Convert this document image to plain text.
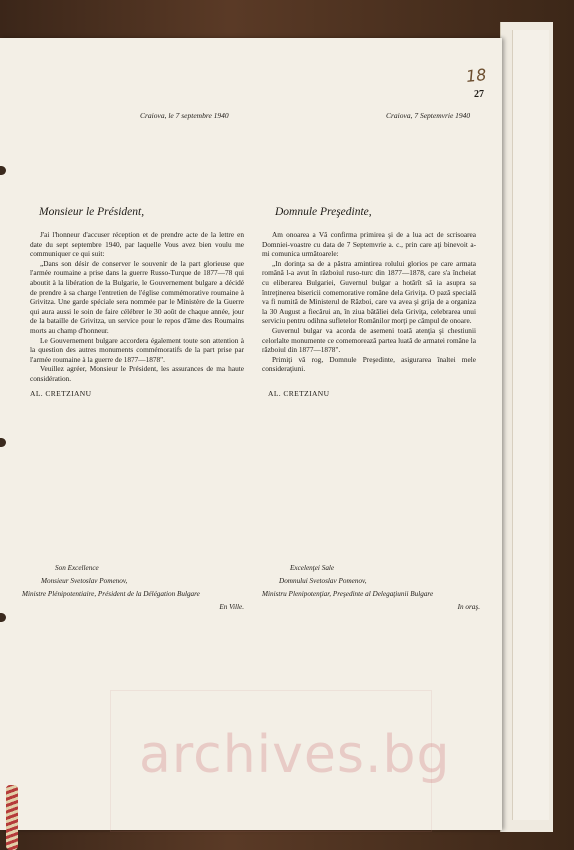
18
27
Craiova, le 7 septembre 1940	Craiova, 7 Septemvrie 1940
Monsieur le Président,	Domnule Preşedinte,

J'ai l'honneur d'accuser réception et de prendre acte de la lettre en date du sept septembre 1940, par laquelle Vous avez bien voulu me communiquer ce qui suit:

„Dans son désir de conserver le souvenir de la part glorieuse que l'armée roumaine a prise dans la guerre Russo-Turque de 1877—78 qui aboutit à la libération de la Bulgarie, le Gouvernement bulgare a décidé de prendre à sa charge l'entretien de l'église commémorative roumaine à Grivitza. Une garde spéciale sera nommée par le Ministère de la Guerre qui aura aussi le soin de faire célébrer le 30 août de chaque année, jour de la bataille de Grivitza, un service pour le repos d'âme des Roumains morts au champ d'honneur.

Le Gouvernement bulgare accordera également toute son attention à la question des autres monuments commémoratifs de la part prise par l'armée roumaine à la guerre de 1877—1878".

Veuillez agréer, Monsieur le Président, les assurances de ma haute considération.

Am onoarea a Vă confirma primirea şi de a lua act de scrisoarea Domniei-voastre cu data de 7 Septemvrie a. c., prin care aţi binevoit a-mi comunica următoarele:

„In dorinţa sa de a păstra amintirea rolului glorios pe care armata română l-a avut în războiul ruso-turc din 1877—1878, care s'a încheiat cu eliberarea Bulgariei, Guvernul bulgar a hotărît să ia asupra sa întreţinerea bisericii comemorative române dela Griviţa. O pază specială va fi numită de Ministerul de Război, care va avea şi grija de a organiza la 30 August a fiecărui an, în ziua bătăliei dela Griviţa, celebrarea unui serviciu pentru odihna sufletelor Românilor morţi pe câmpul de onoare.

Guvernul bulgar va acorda de asemeni toată atenţia şi chestiunii celorlalte monumente ce comemorează partea luată de armatei române la războiul din 1877—1878".

Primiţi vă rog, Domnule Preşedinte, asigurarea înaltei mele consideraţiuni.

AL. CRETZIANU	AL. CRETZIANU
Son Excellence
Monsieur Svetoslav Pomenov,
Ministre Plénipotentiaire, Président de la Délégation Bulgare
En Ville.
Excelenţei Sale
Domnului Svetoslav Pomenov,
Ministru Plenipotenţiar, Preşedinte al Delegaţiunii Bulgare
In oraş.
archives.bg
